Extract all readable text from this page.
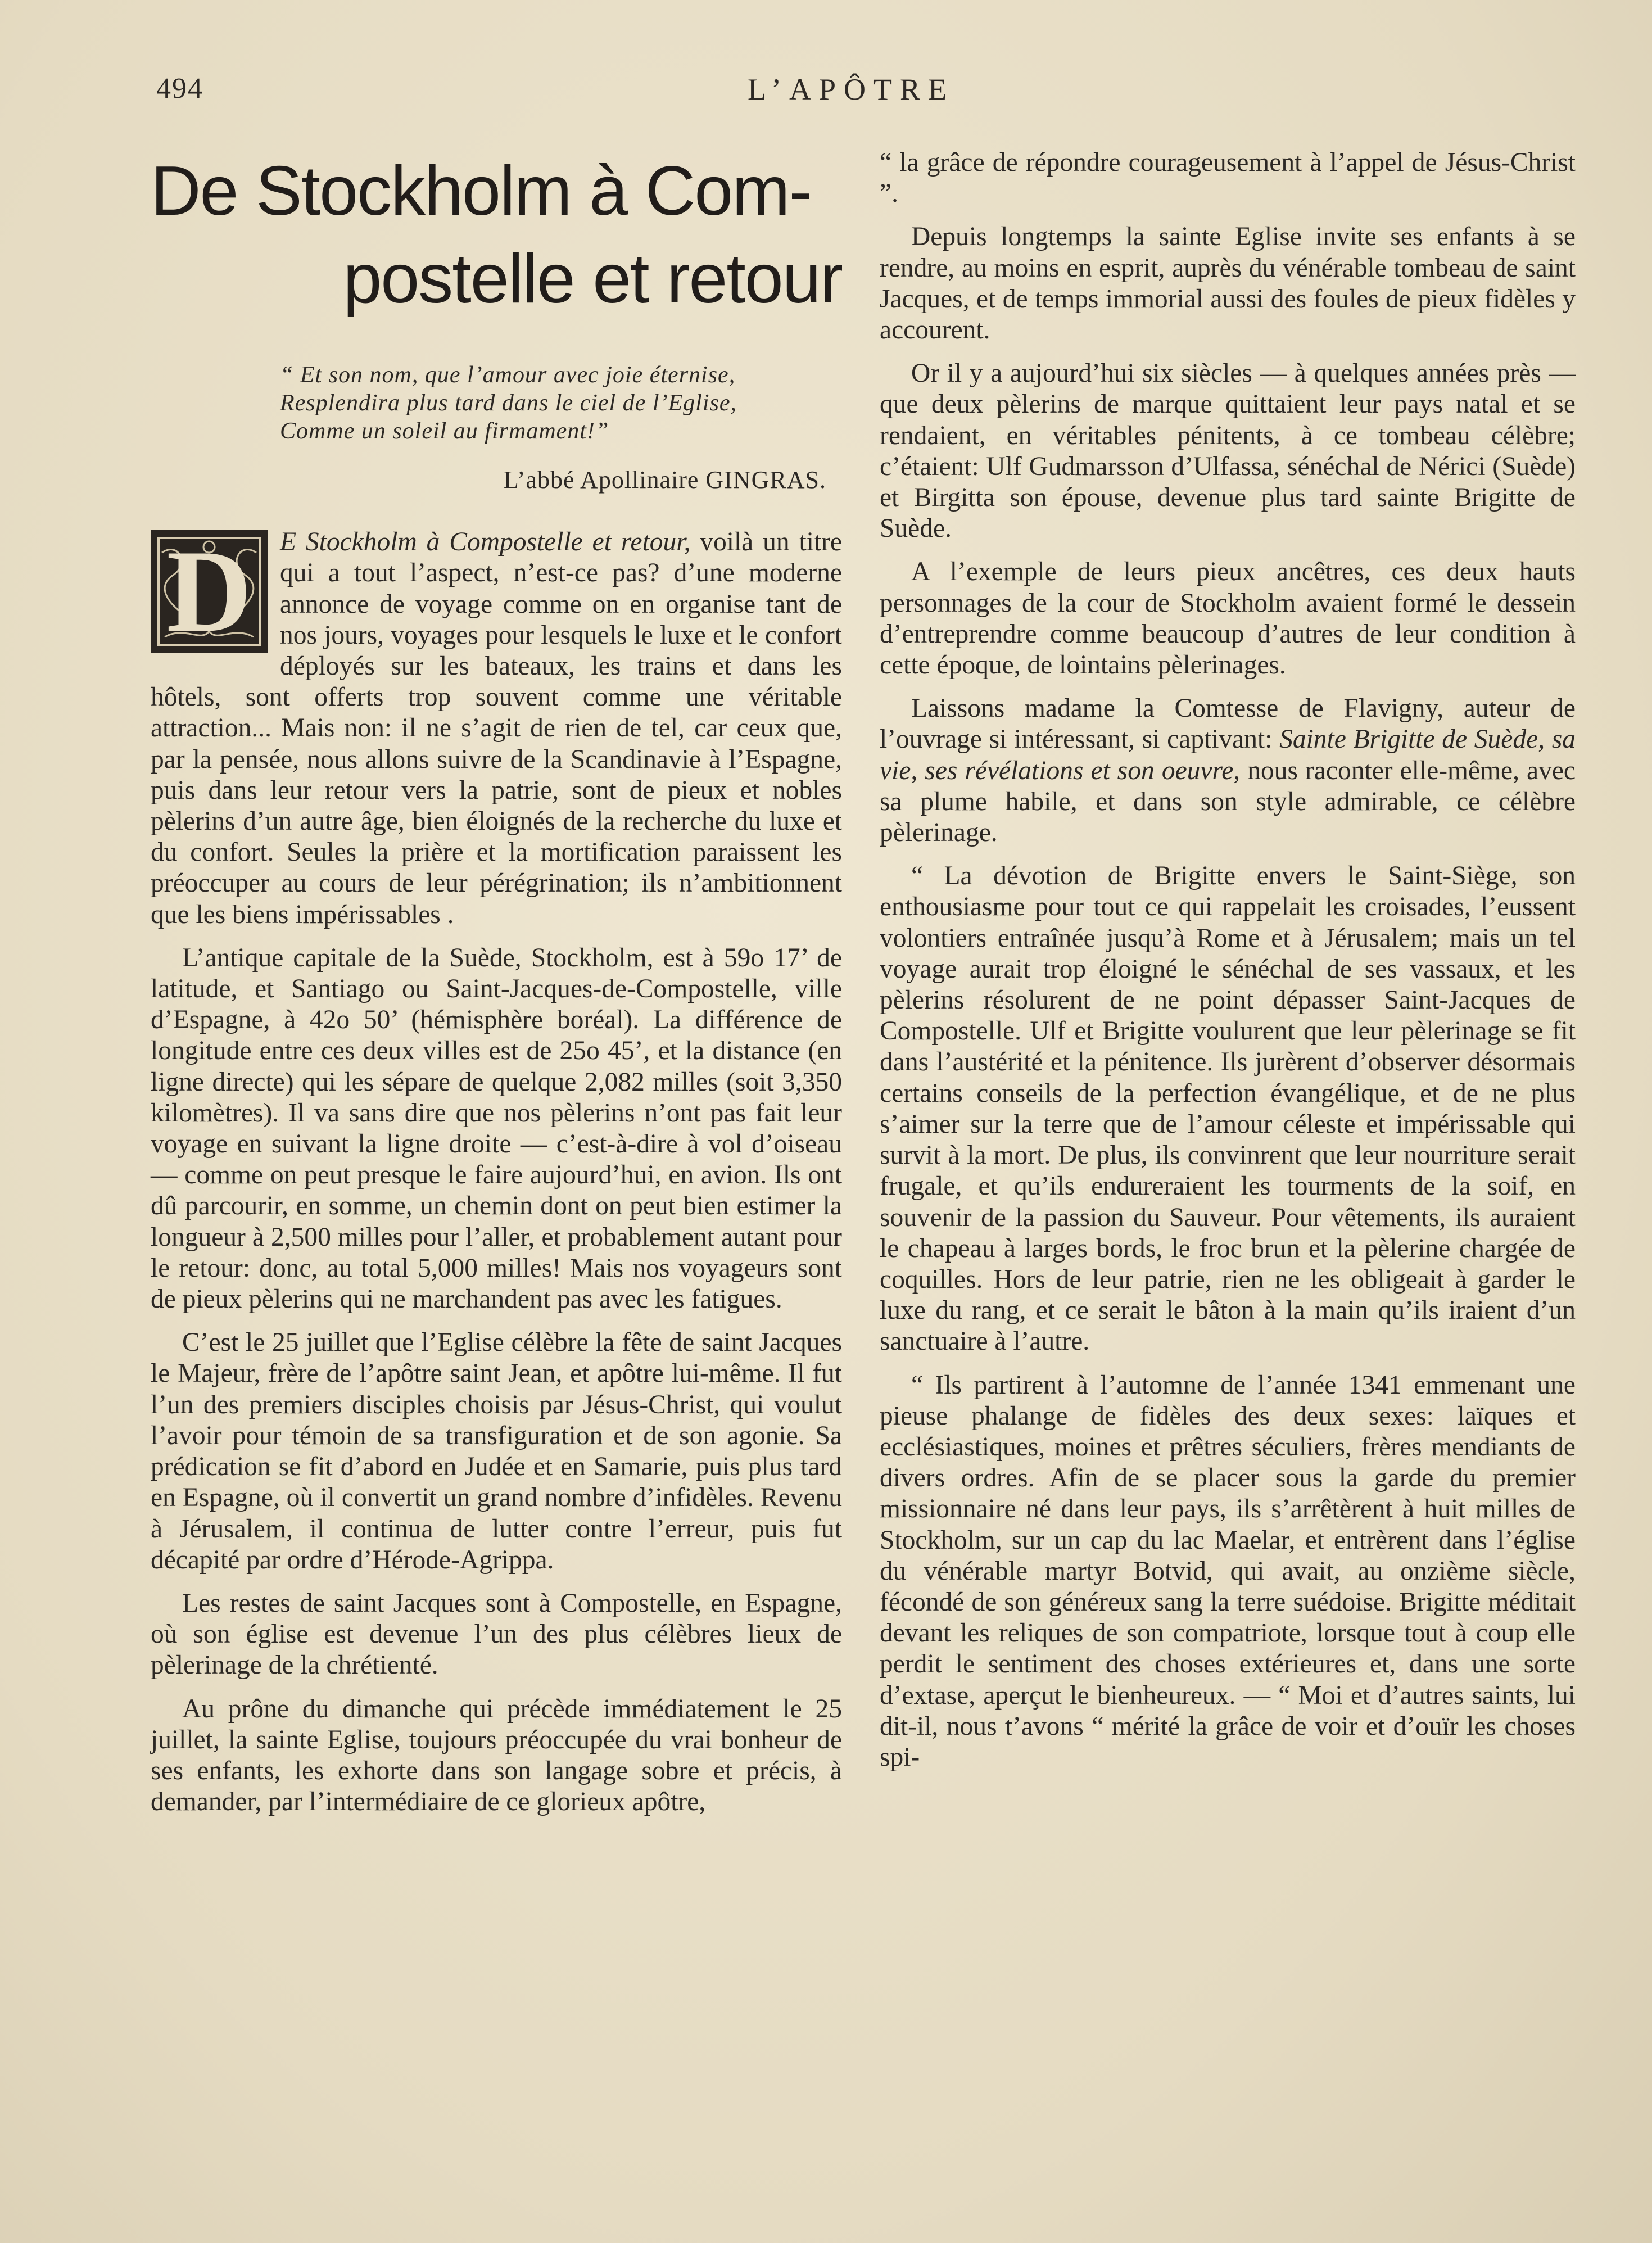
494	L’APÔTRE
De Stockholm à Com-
postelle et retour
“ Et son nom, que l’amour avec joie éternise,
Resplendira plus tard dans le ciel de l’Eglise,
Comme un soleil au firmament!”
L’abbé Apollinaire GINGRAS.

D E Stockholm à Compostelle et retour, voilà un titre qui a tout l’aspect, n’est-ce pas? d’une moderne annonce de voyage comme on en organise tant de nos jours, voyages pour lesquels le luxe et le confort déployés sur les bateaux, les trains et dans les hôtels, sont offerts trop souvent comme une véritable attraction... Mais non: il ne s’agit de rien de tel, car ceux que, par la pensée, nous allons suivre de la Scandinavie à l’Espagne, puis dans leur retour vers la patrie, sont de pieux et nobles pèlerins d’un autre âge, bien éloignés de la recherche du luxe et du confort. Seules la prière et la mortification paraissent les préoccuper au cours de leur pérégrination; ils n’ambitionnent que les biens impérissables .

L’antique capitale de la Suède, Stockholm, est à 59o 17’ de latitude, et Santiago ou Saint-Jacques-de-Compostelle, ville d’Espagne, à 42o 50’ (hémisphère boréal). La différence de longitude entre ces deux villes est de 25o 45’, et la distance (en ligne directe) qui les sépare de quelque 2,082 milles (soit 3,350 kilomètres). Il va sans dire que nos pèlerins n’ont pas fait leur voyage en suivant la ligne droite — c’est-à-dire à vol d’oiseau — comme on peut presque le faire aujourd’hui, en avion. Ils ont dû parcourir, en somme, un chemin dont on peut bien estimer la longueur à 2,500 milles pour l’aller, et probablement autant pour le retour: donc, au total 5,000 milles! Mais nos voyageurs sont de pieux pèlerins qui ne marchandent pas avec les fatigues.

C’est le 25 juillet que l’Eglise célèbre la fête de saint Jacques le Majeur, frère de l’apôtre saint Jean, et apôtre lui-même. Il fut l’un des premiers disciples choisis par Jésus-Christ, qui voulut l’avoir pour témoin de sa transfiguration et de son agonie. Sa prédication se fit d’abord en Judée et en Samarie, puis plus tard en Espagne, où il convertit un grand nombre d’infidèles. Revenu à Jérusalem, il continua de lutter contre l’erreur, puis fut décapité par ordre d’Hérode-Agrippa.

Les restes de saint Jacques sont à Compostelle, en Espagne, où son église est devenue l’un des plus célèbres lieux de pèlerinage de la chrétienté.

Au prône du dimanche qui précède immédiatement le 25 juillet, la sainte Eglise, toujours préoccupée du vrai bonheur de ses enfants, les exhorte dans son langage sobre et précis, à demander, par l’intermédiaire de ce glorieux apôtre,

“ la grâce de répondre courageusement à l’appel de Jésus-Christ ”.

Depuis longtemps la sainte Eglise invite ses enfants à se rendre, au moins en esprit, auprès du vénérable tombeau de saint Jacques, et de temps immorial aussi des foules de pieux fidèles y accourent.

Or il y a aujourd’hui six siècles — à quelques années près — que deux pèlerins de marque quittaient leur pays natal et se rendaient, en véritables pénitents, à ce tombeau célèbre; c’étaient: Ulf Gudmarsson d’Ulfassa, sénéchal de Nérici (Suède) et Birgitta son épouse, devenue plus tard sainte Brigitte de Suède.

A l’exemple de leurs pieux ancêtres, ces deux hauts personnages de la cour de Stockholm avaient formé le dessein d’entreprendre comme beaucoup d’autres de leur condition à cette époque, de lointains pèlerinages.

Laissons madame la Comtesse de Flavigny, auteur de l’ouvrage si intéressant, si captivant: Sainte Brigitte de Suède, sa vie, ses révélations et son oeuvre, nous raconter elle-même, avec sa plume habile, et dans son style admirable, ce célèbre pèlerinage.

“ La dévotion de Brigitte envers le Saint-Siège, son enthousiasme pour tout ce qui rappelait les croisades, l’eussent volontiers entraînée jusqu’à Rome et à Jérusalem; mais un tel voyage aurait trop éloigné le sénéchal de ses vassaux, et les pèlerins résolurent de ne point dépasser Saint-Jacques de Compostelle. Ulf et Brigitte voulurent que leur pèlerinage se fit dans l’austérité et la pénitence. Ils jurèrent d’observer désormais certains conseils de la perfection évangélique, et de ne plus s’aimer sur la terre que de l’amour céleste et impérissable qui survit à la mort. De plus, ils convinrent que leur nourriture serait frugale, et qu’ils endureraient les tourments de la soif, en souvenir de la passion du Sauveur. Pour vêtements, ils auraient le chapeau à larges bords, le froc brun et la pèlerine chargée de coquilles. Hors de leur patrie, rien ne les obligeait à garder le luxe du rang, et ce serait le bâton à la main qu’ils iraient d’un sanctuaire à l’autre.

“ Ils partirent à l’automne de l’année 1341 emmenant une pieuse phalange de fidèles des deux sexes: laïques et ecclésiastiques, moines et prêtres séculiers, frères mendiants de divers ordres. Afin de se placer sous la garde du premier missionnaire né dans leur pays, ils s’arrêtèrent à huit milles de Stockholm, sur un cap du lac Maelar, et entrèrent dans l’église du vénérable martyr Botvid, qui avait, au onzième siècle, fécondé de son généreux sang la terre suédoise. Brigitte méditait devant les reliques de son compatriote, lorsque tout à coup elle perdit le sentiment des choses extérieures et, dans une sorte d’extase, aperçut le bienheureux. — “ Moi et d’autres saints, lui dit-il, nous t’avons “ mérité la grâce de voir et d’ouïr les choses spi-
